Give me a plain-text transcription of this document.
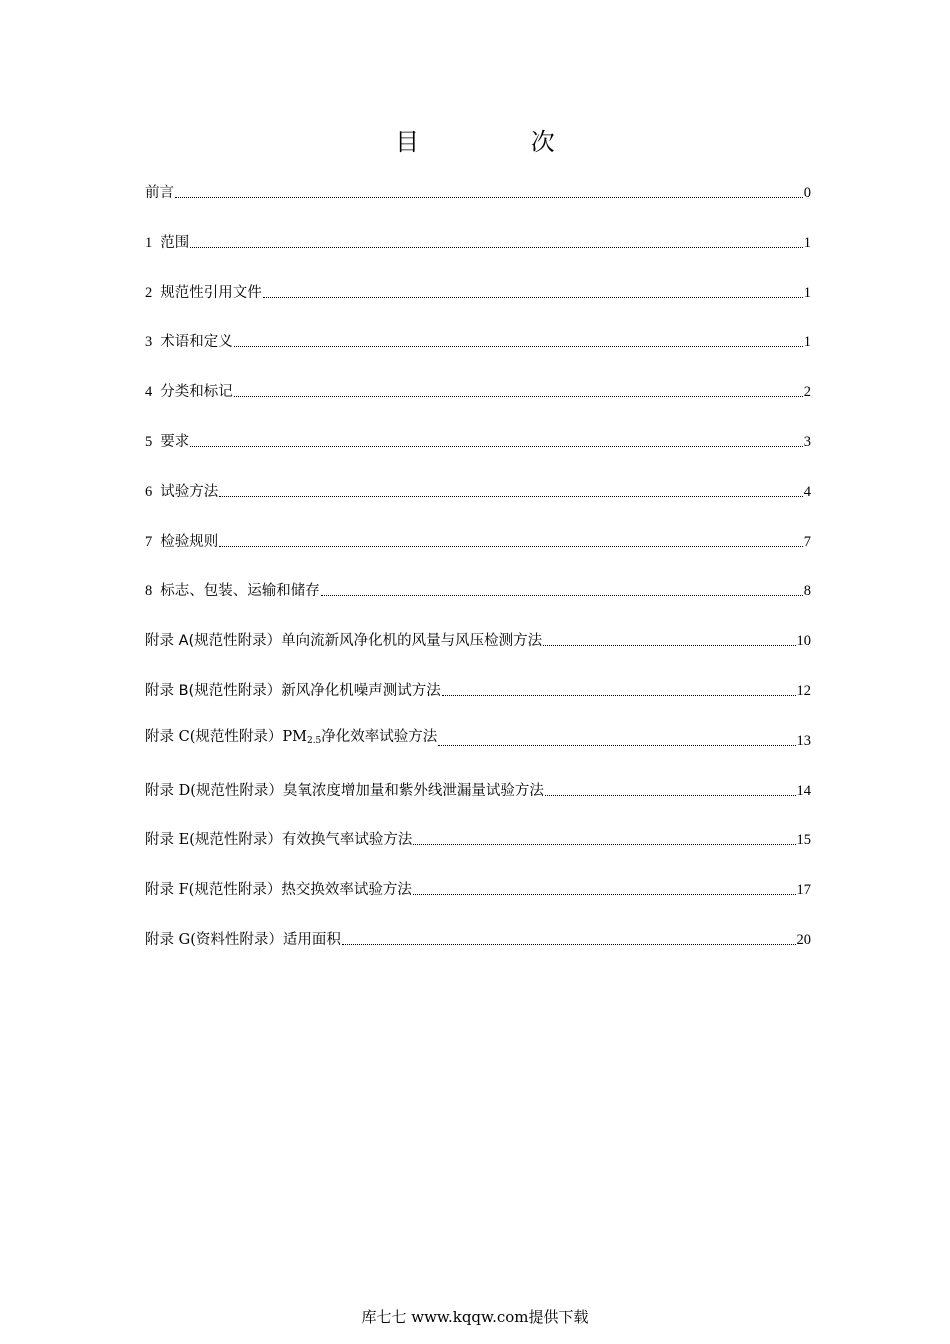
目 次
前言	0
1 范围	1
2 规范性引用文件	1
3 术语和定义	1
4 分类和标记	2
5 要求	3
6 试验方法	4
7 检验规则	7
8 标志、包装、运输和储存	8
附录 A(规范性附录）单向流新风净化机的风量与风压检测方法	10
附录 B(规范性附录）新风净化机噪声测试方法	12
附录 C(规范性附录）$PM_{2.5}$净化效率试验方法	13
附录 D(规范性附录）臭氧浓度增加量和紫外线泄漏量试验方法	14
附录 E(规范性附录）有效换气率试验方法	15
附录 F(规范性附录）热交换效率试验方法	17
附录 G(资料性附录）适用面积	20
库七七 www.kqqw.com提供下载
